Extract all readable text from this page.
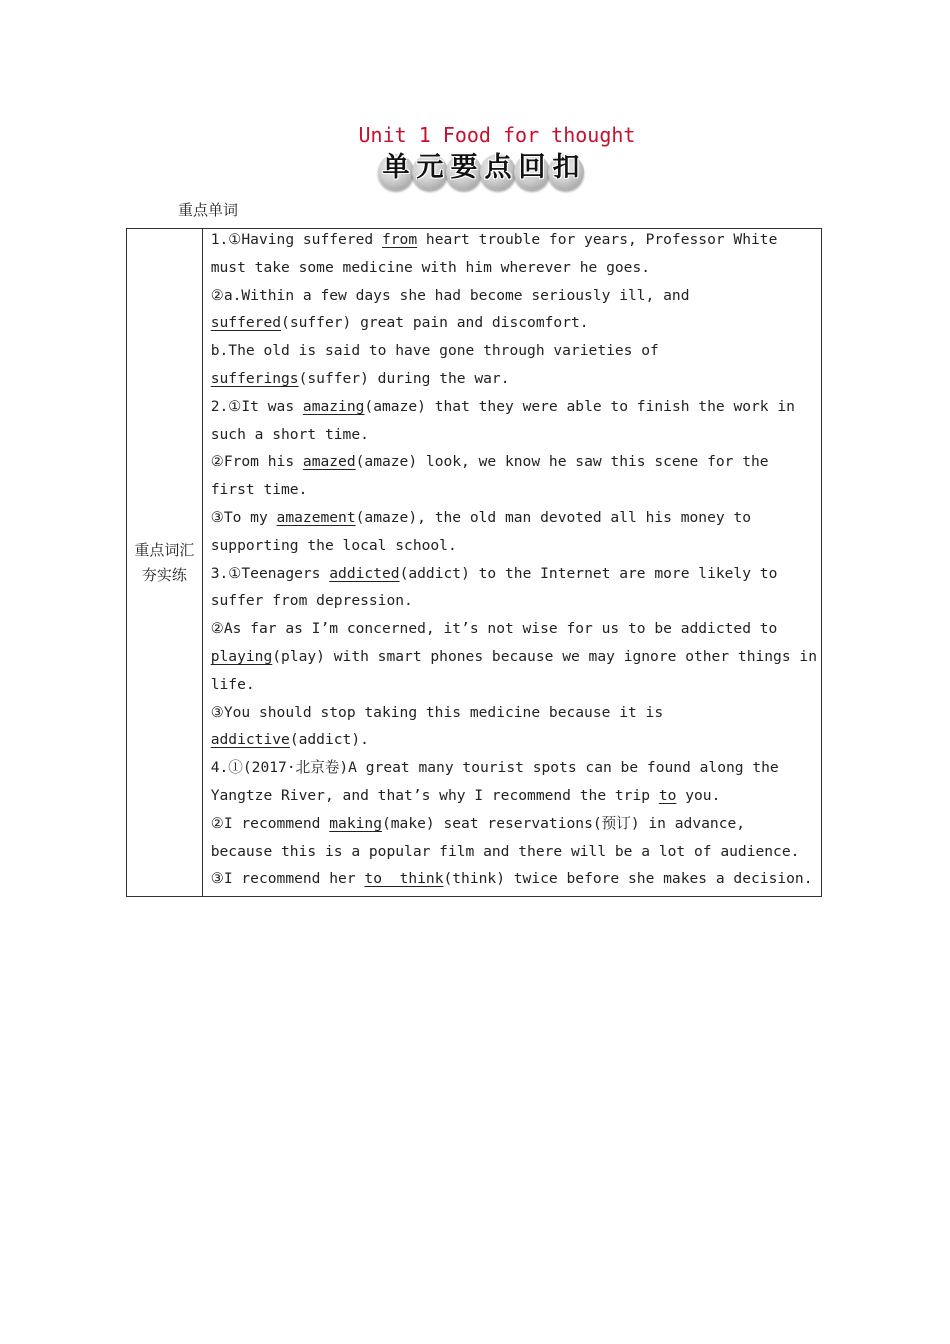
Unit 1 Food for thought
单 元 要 点 回 扣
重点单词
重点词汇夯实练
1.①Having suffered from heart trouble for years, Professor White
must take some medicine with him wherever he goes.
②a.Within a few days she had become seriously ill, and
suffered(suffer) great pain and discomfort.
b.The old is said to have gone through varieties of
sufferings(suffer) during the war.
2.①It was amazing(amaze) that they were able to finish the work in
such a short time.
②From his amazed(amaze) look, we know he saw this scene for the
first time.
③To my amazement(amaze), the old man devoted all his money to
supporting the local school.
3.①Teenagers addicted(addict) to the Internet are more likely to
suffer from depression.
②As far as I’m concerned, it’s not wise for us to be addicted to
playing(play) with smart phones because we may ignore other things in
life.
③You should stop taking this medicine because it is
addictive(addict).
4.①(2017·北京卷)A great many tourist spots can be found along the
Yangtze River, and that’s why I recommend the trip to you.
②I recommend making(make) seat reservations(预订) in advance,
because this is a popular film and there will be a lot of audience.
③I recommend her to  think(think) twice before she makes a decision.
